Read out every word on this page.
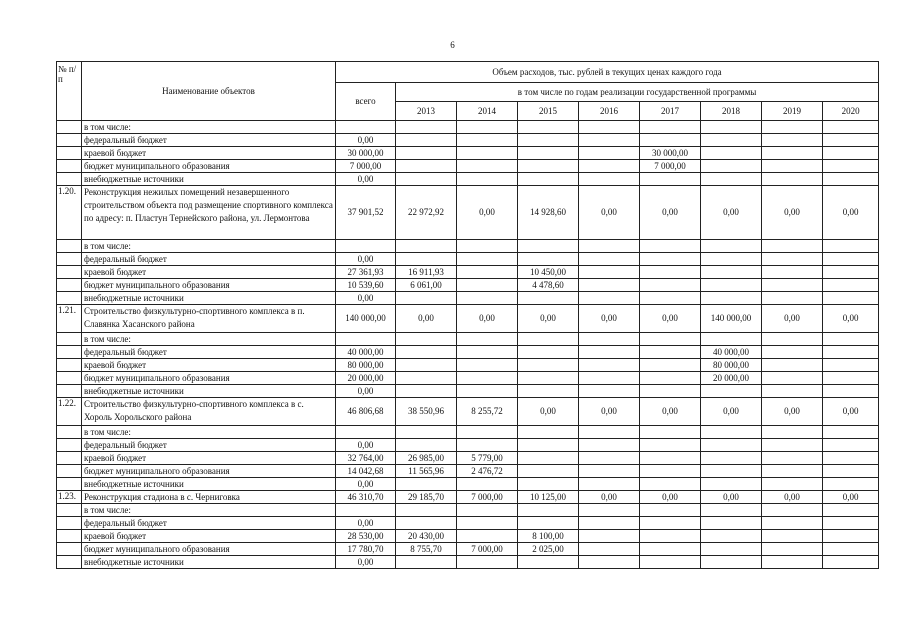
6
№ п/п	Наименование объектов	Объем расходов, тыс. рублей в текущих ценах каждого года								
		всего	в том числе по годам реализации государственной программы							
			2013	2014	2015	2016	2017	2018	2019	2020
	в том числе:									
	федеральный бюджет	0,00								
	краевой бюджет	30 000,00					30 000,00			
	бюджет муниципального образования	7 000,00					7 000,00			
	внебюджетные источники	0,00								
1.20.	Реконструкция нежилых помещений незавершенного строительством объекта под размещение спортивного комплекса по адресу: п. Пластун Тернейского района, ул. Лермонтова	37 901,52	22 972,92	0,00	14 928,60	0,00	0,00	0,00	0,00	0,00
	в том числе:									
	федеральный бюджет	0,00								
	краевой бюджет	27 361,93	16 911,93		10 450,00					
	бюджет муниципального образования	10 539,60	6 061,00		4 478,60					
	внебюджетные источники	0,00								
1.21.	Строительство физкультурно-спортивного комплекса в п. Славянка Хасанского района	140 000,00	0,00	0,00	0,00	0,00	0,00	140 000,00	0,00	0,00
	в том числе:									
	федеральный бюджет	40 000,00						40 000,00		
	краевой бюджет	80 000,00						80 000,00		
	бюджет муниципального образования	20 000,00						20 000,00		
	внебюджетные источники	0,00								
1.22.	Строительство физкультурно-спортивного комплекса в с. Хороль Хорольского района	46 806,68	38 550,96	8 255,72	0,00	0,00	0,00	0,00	0,00	0,00
	в том числе:									
	федеральный бюджет	0,00								
	краевой бюджет	32 764,00	26 985,00	5 779,00						
	бюджет муниципального образования	14 042,68	11 565,96	2 476,72						
	внебюджетные источники	0,00								
1.23.	Реконструкция стадиона в с. Черниговка	46 310,70	29 185,70	7 000,00	10 125,00	0,00	0,00	0,00	0,00	0,00
	в том числе:									
	федеральный бюджет	0,00								
	краевой бюджет	28 530,00	20 430,00		8 100,00					
	бюджет муниципального образования	17 780,70	8 755,70	7 000,00	2 025,00					
	внебюджетные источники	0,00								
